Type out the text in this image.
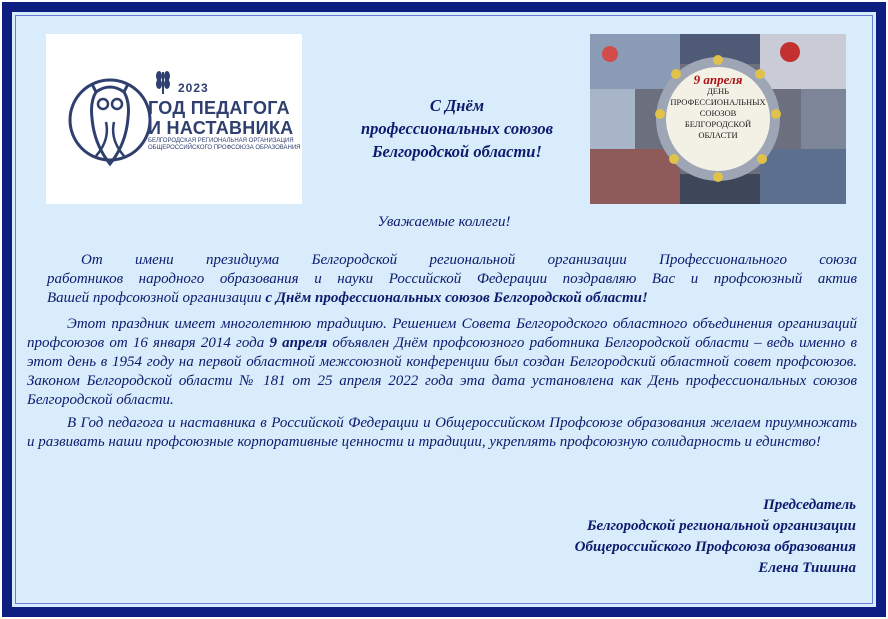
2023
ГОД ПЕДАГОГА
И НАСТАВНИКА
БЕЛГОРОДСКАЯ РЕГИОНАЛЬНАЯ ОРГАНИЗАЦИЯ
ОБЩЕРОССИЙСКОГО ПРОФСОЮЗА ОБРАЗОВАНИЯ
С Днём
профессиональных союзов
Белгородской области!
9 апреля
ДЕНЬ
ПРОФЕССИОНАЛЬНЫХ
СОЮЗОВ
БЕЛГОРОДСКОЙ
ОБЛАСТИ
Уважаемые коллеги!
От имени президиума Белгородской региональной организации Профессионального союза
работников народного образования и науки Российской Федерации поздравляю Вас и профсоюзный актив
Вашей профсоюзной организации с Днём профессиональных союзов Белгородской области!
Этот праздник имеет многолетнюю традицию. Решением Совета Белгородского областного объединения организаций профсоюзов от 16 января 2014 года 9 апреля объявлен Днём профсоюзного работника Белгородской области – ведь именно в этот день в 1954 году на первой областной межсоюзной конференции был создан Белгородский областной совет профсоюзов. Законом Белгородской области № 181 от 25 апреля 2022 года эта дата установлена как День профессиональных союзов Белгородской области.
В Год педагога и наставника в Российской Федерации и Общероссийском Профсоюзе образования желаем приумножать и развивать наши профсоюзные корпоративные ценности и традиции, укреплять профсоюзную солидарность и единство!
Председатель
Белгородской региональной организации
Общероссийского Профсоюза образования
Елена Тишина
